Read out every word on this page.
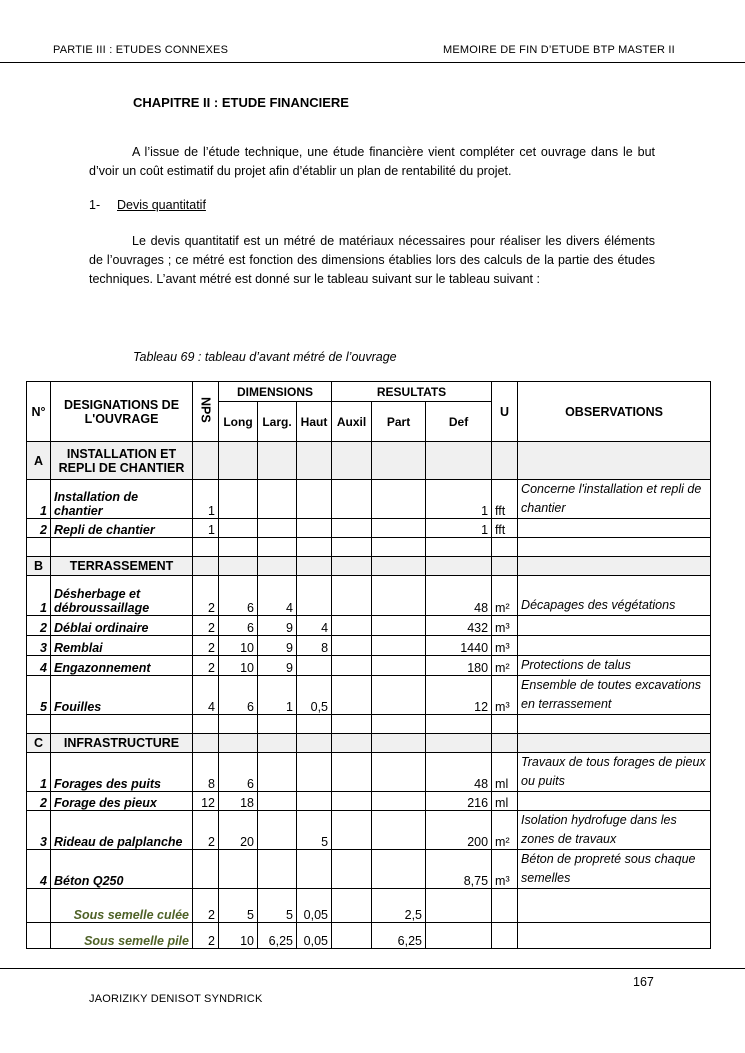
PARTIE III : ETUDES CONNEXES	MEMOIRE DE FIN D’ETUDE BTP MASTER II
CHAPITRE II : ETUDE FINANCIERE
A l’issue de l’étude technique, une étude financière vient compléter cet ouvrage dans le but d’voir un coût estimatif du projet afin d’établir un plan de rentabilité du projet.
1- Devis quantitatif
Le devis quantitatif est un métré de matériaux nécessaires pour réaliser les divers éléments de l’ouvrages ; ce métré est fonction des dimensions établies lors des calculs de la partie des études techniques. L’avant métré est donné sur le tableau suivant sur le tableau suivant :
Tableau 69 : tableau d’avant métré de l’ouvrage
N°	DESIGNATIONS DE L'OUVRAGE	NPS	DIMENSIONS			RESULTATS			U	OBSERVATIONS
			Long	Larg.	Haut	Auxil	Part	Def		
A	INSTALLATION ET REPLI DE CHANTIER									
1	Installation de chantier	1						1	fft	Concerne l'installation et repli de chantier
2	Repli de chantier	1						1	fft	

B	TERRASSEMENT									
1	Désherbage et débroussaillage	2	6	4				48	m²	Décapages des végétations
2	Déblai ordinaire	2	6	9	4			432	m³	
3	Remblai	2	10	9	8			1440	m³	
4	Engazonnement	2	10	9				180	m²	Protections de talus
5	Fouilles	4	6	1	0,5			12	m³	Ensemble de toutes excavations en terrassement

C	INFRASTRUCTURE									
1	Forages des puits	8	6					48	ml	Travaux de tous forages de pieux ou puits
2	Forage des pieux	12	18					216	ml	
3	Rideau de palplanche	2	20		5			200	m²	Isolation hydrofuge dans les zones de travaux
4	Béton Q250							8,75	m³	Béton de propreté sous chaque semelles
	Sous semelle culée	2	5	5	0,05		2,5			
	Sous semelle pile	2	10	6,25	0,05		6,25			
167
JAORIZIKY DENISOT SYNDRICK
